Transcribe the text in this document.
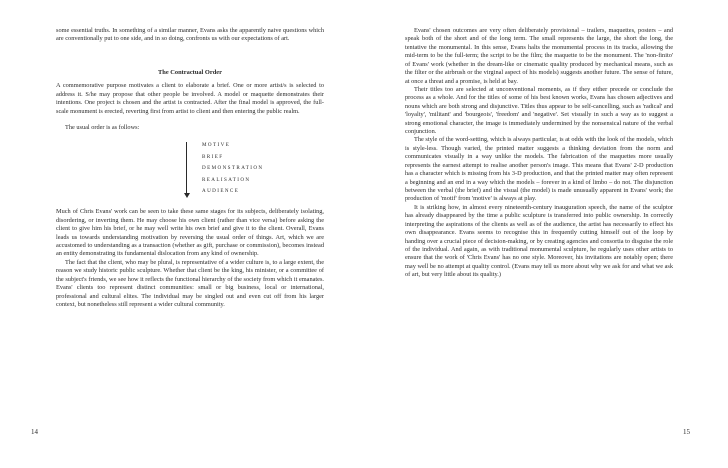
some essential truths. In something of a similar manner, Evans asks the apparently naive questions which are conventionally put to one side, and in so doing, confronts us with our expectations of art.

The Contractual Order

A commemorative purpose motivates a client to elaborate a brief. One or more artist/s is selected to address it. S/he may propose that other people be involved. A model or maquette demonstrates their intentions. One project is chosen and the artist is contracted. After the final model is approved, the full-scale monument is erected, reverting first from artist to client and then entering the public realm.

The usual order is as follows:

MOTIVE
BRIEF
DEMONSTRATION
REALISATION
AUDIENCE

Much of Chris Evans' work can be seen to take these same stages for its subjects, deliberately isolating, disordering, or inverting them. He may choose his own client (rather than vice versa) before asking the client to give him his brief, or he may well write his own brief and give it to the client. Overall, Evans leads us towards understanding motivation by reversing the usual order of things. Art, which we are accustomed to understanding as a transaction (whether as gift, purchase or commission), becomes instead an entity demonstrating its fundamental dislocation from any kind of ownership.

The fact that the client, who may be plural, is representative of a wider culture is, to a large extent, the reason we study historic public sculpture. Whether that client be the king, his minister, or a committee of the subject's friends, we see how it reflects the functional hierarchy of the society from which it emanates. Evans' clients too represent distinct communities: small or big business, local or international, professional and cultural elites. The individual may be singled out and even cut off from his larger context, but nonetheless still represent a wider cultural community.

14

Evans' chosen outcomes are very often deliberately provisional – trailers, maquettes, posters – and speak both of the short and of the long term. The small represents the large, the short the long, the tentative the monumental. In this sense, Evans halts the monumental process in its tracks, allowing the mid-term to be the full-term; the script to be the film; the maquette to be the monument. The 'non-finito' of Evans' work (whether in the dream-like or cinematic quality produced by mechanical means, such as the filter or the airbrush or the virginal aspect of his models) suggests another future. The sense of future, at once a threat and a promise, is held at bay.

Their titles too are selected at unconventional moments, as if they either precede or conclude the process as a whole. And for the titles of some of his best known works, Evans has chosen adjectives and nouns which are both strong and disjunctive. Titles thus appear to be self-cancelling, such as 'radical' and 'loyalty', 'militant' and 'bourgeois', 'freedom' and 'negative'. Set visually in such a way as to suggest a strong emotional character, the image is immediately undermined by the nonsensical nature of the verbal conjunction.

The style of the word-setting, which is always particular, is at odds with the look of the models, which is style-less. Though varied, the printed matter suggests a thinking deviation from the norm and communicates visually in a way unlike the models. The fabrication of the maquettes more usually represents the earnest attempt to realise another person's image. This means that Evans' 2-D production has a character which is missing from his 3-D production, and that the printed matter may often represent a beginning and an end in a way which the models – forever in a kind of limbo – do not. The disjunction between the verbal (the brief) and the visual (the model) is made unusually apparent in Evans' work; the production of 'motif' from 'motive' is always at play.

It is striking how, in almost every nineteenth-century inauguration speech, the name of the sculptor has already disappeared by the time a public sculpture is transferred into public ownership. In correctly interpreting the aspirations of the clients as well as of the audience, the artist has necessarily to effect his own disappearance. Evans seems to recognise this in frequently cutting himself out of the loop by handing over a crucial piece of decision-making, or by creating agencies and consortia to disguise the role of the individual. And again, as with traditional monumental sculpture, he regularly uses other artists to ensure that the work of 'Chris Evans' has no one style. Moreover, his invitations are notably open; there may well be no attempt at quality control. (Evans may tell us more about why we ask for and what we ask of art, but very little about its quality.)

15
